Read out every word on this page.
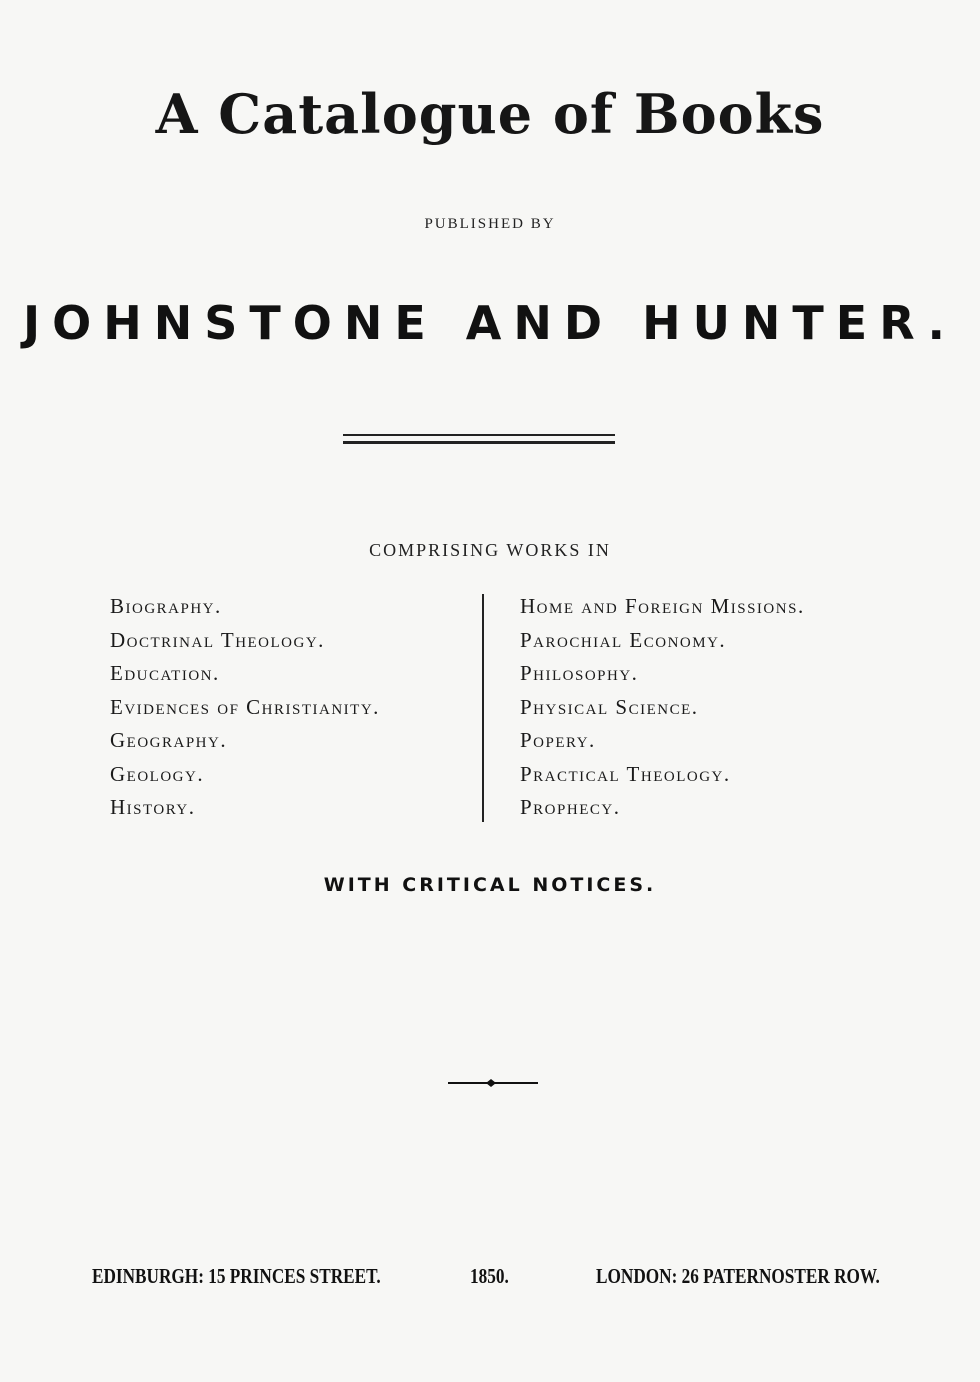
A Catalogue of Books
PUBLISHED BY
JOHNSTONE AND HUNTER.
COMPRISING WORKS IN
Biography.
Doctrinal Theology.
Education.
Evidences of Christianity.
Geography.
Geology.
History.
Home and Foreign Missions.
Parochial Economy.
Philosophy.
Physical Science.
Popery.
Practical Theology.
Prophecy.
WITH CRITICAL NOTICES.
EDINBURGH: 15 PRINCES STREET.	1850.	LONDON: 26 PATERNOSTER ROW.
